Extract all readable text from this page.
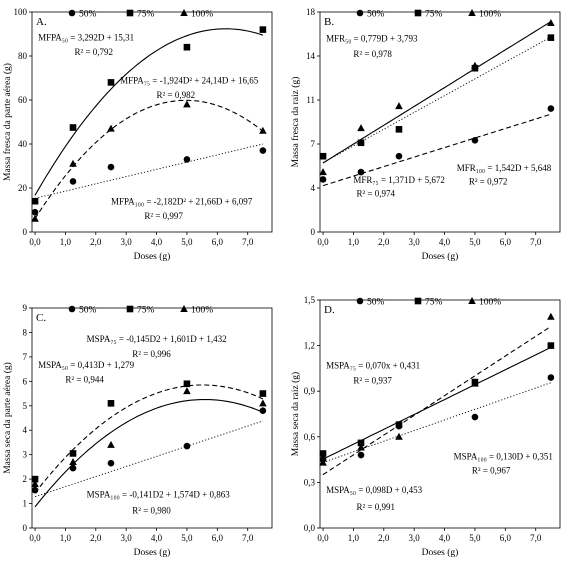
0,0 1,0 2,0 3,0 4,0 5,0 6,0 7,0
0
20
40
60
80
100
Doses (g)
Massa fresca da parte aérea (g)
A.
50%	75%	100%
MFPA₅₀ = 3,292D + 15,31
R² = 0,792
MFPA₇₅ = -1,924D² + 24,14D + 16,65
R² = 0,982
MFPA₁₀₀ = -2,182D² + 21,66D + 6,097
R² = 0,997
0,0 1,0 2,0 3,0 4,0 5,0 6,0 7,0
0
4
7
11
14
18
Doses (g)
Massa fresca da raiz (g)
B.
50%	75%	100%
MFR₅₀ = 0,779D + 3,793
R² = 0,978
MFR₁₀₀ = 1,542D + 5,648
R² = 0,972
MFR₇₅ = 1,371D + 5,672
R² = 0,974
0,0 1,0 2,0 3,0 4,0 5,0 6,0 7,0
0
1
2
3
4
5
6
7
8
9
Doses (g)
Massa seca da parte aérea (g)
C.
50%	75%	100%
MSPA₇₅ = -0,145D2 + 1,601D + 1,432
R² = 0,996
MSPA₅₀ = 0,413D + 1,279
R² = 0,944
MSPA₁₀₀ = -0,141D2 + 1,574D + 0,863
R² = 0,980
0,0 1,0 2,0 3,0 4,0 5,0 6,0 7,0
0,0
0,3
0,6
0,9
1,2
1,5
Doses (g)
Massa seca da raiz (g)
D.
50%	75%	100%
MSPA₇₅ = 0,070x + 0,431
R² = 0,937
MSPA₁₀₀ = 0,130D + 0,351
R² = 0,967
MSPA₅₀ = 0,098D + 0,453
R² = 0,991
